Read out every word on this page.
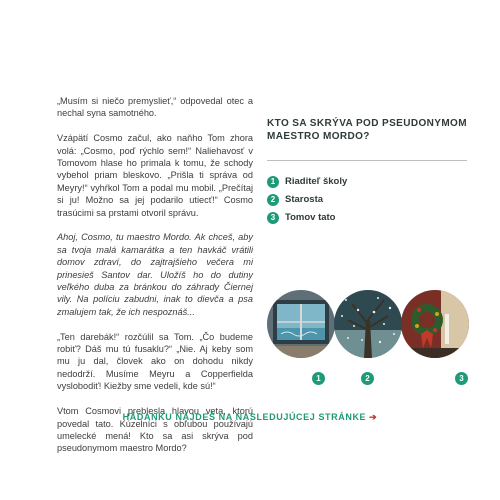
„Musím si niečo premyslieť,“ odpovedal otec a nechal syna samotného.

Vzápätí Cosmo začul, ako naňho Tom zhora volá: „Cosmo, poď rýchlo sem!“ Naliehavosť v Tomovom hlase ho primala k tomu, že schody vybehol priam bleskovo. „Prišla ti správa od Meyry!“ vyhŕkol Tom a podal mu mobil. „Prečítaj si ju! Možno sa jej podarilo utiecť!“ Cosmo trasúcimi sa prstami otvoril správu.

Ahoj, Cosmo, tu maestro Mordo. Ak chceš, aby sa tvoja malá kamarátka a ten havkáč vrátili domov zdraví, do zajtrajšieho večera mi prinesieš Santov dar. Uložíš ho do dutiny veľkého duba za bránkou do záhrady Čiernej vily. Na políciu zabudni, inak to dievča a psa zmalujem tak, že ich nespoznáš...

„Ten darebák!“ rozčúlil sa Tom. „Čo budeme robiť? Dáš mu tú fusaklu?“ „Nie. Aj keby som mu ju dal, človek ako on dohodu nikdy nedodrží. Musíme Meyru a Copperfielda vyslobodiť! Kiežby sme vedeli, kde sú!“

Vtom Cosmovi preblesla hlavou veta, ktorú povedal tato. Kúzelníci s obľubou používajú umelecké mená! Kto sa asi skrýva pod pseudonymom maestro Mordo?

KTO SA SKRÝVA POD PSEUDONYMOM MAESTRO MORDO?
1	Riaditeľ školy
2	Starosta
3	Tomov tato
1	2	3
HÁDANKU NÁJDEŠ NA NASLEDUJÚCEJ STRÁNKE ➔
